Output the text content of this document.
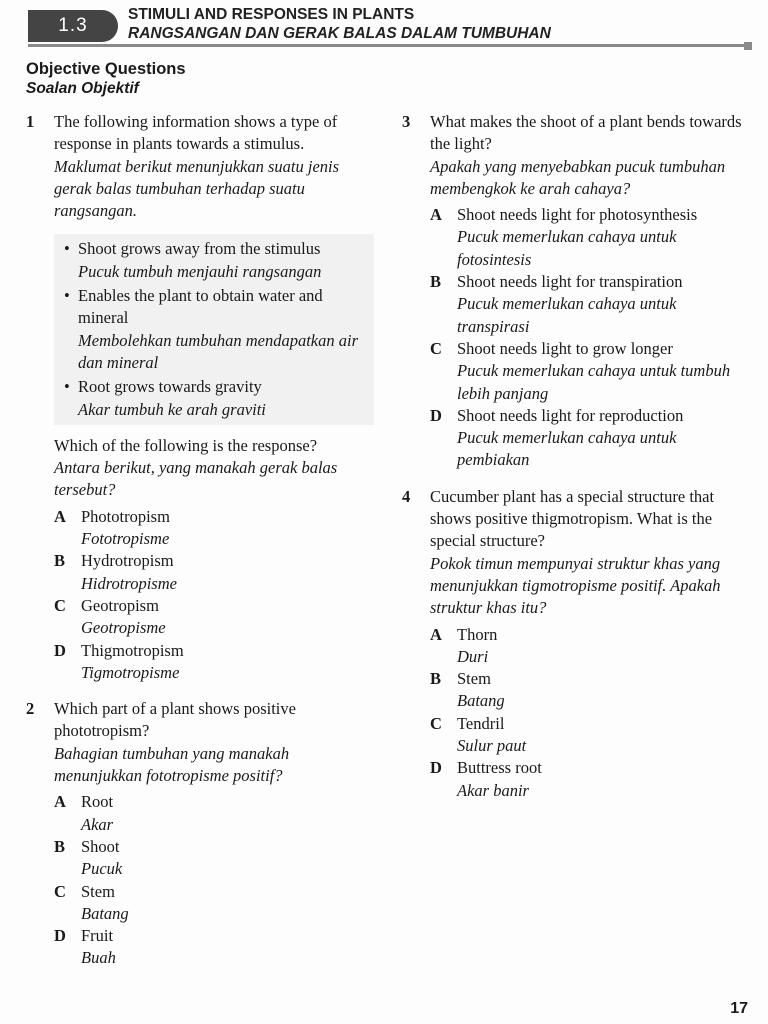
1.3
STIMULI AND RESPONSES IN PLANTS
RANGSANGAN DAN GERAK BALAS DALAM TUMBUHAN
Objective Questions
Soalan Objektif
1 The following information shows a type of response in plants towards a stimulus.
Maklumat berikut menunjukkan suatu jenis gerak balas tumbuhan terhadap suatu rangsangan.
• Shoot grows away from the stimulus
Pucuk tumbuh menjauhi rangsangan
• Enables the plant to obtain water and mineral
Membolehkan tumbuhan mendapatkan air dan mineral
• Root grows towards gravity
Akar tumbuh ke arah graviti
Which of the following is the response?
Antara berikut, yang manakah gerak balas tersebut?
A Phototropism
Fototropisme
B Hydrotropism
Hidrotropisme
C Geotropism
Geotropisme
D Thigmotropism
Tigmotropisme
2 Which part of a plant shows positive phototropism?
Bahagian tumbuhan yang manakah menunjukkan fototropisme positif?
A Root
Akar
B Shoot
Pucuk
C Stem
Batang
D Fruit
Buah
3 What makes the shoot of a plant bends towards the light?
Apakah yang menyebabkan pucuk tumbuhan membengkok ke arah cahaya?
A Shoot needs light for photosynthesis
Pucuk memerlukan cahaya untuk fotosintesis
B Shoot needs light for transpiration
Pucuk memerlukan cahaya untuk transpirasi
C Shoot needs light to grow longer
Pucuk memerlukan cahaya untuk tumbuh lebih panjang
D Shoot needs light for reproduction
Pucuk memerlukan cahaya untuk pembiakan
4 Cucumber plant has a special structure that shows positive thigmotropism. What is the special structure?
Pokok timun mempunyai struktur khas yang menunjukkan tigmotropisme positif. Apakah struktur khas itu?
A Thorn
Duri
B Stem
Batang
C Tendril
Sulur paut
D Buttress root
Akar banir
17
